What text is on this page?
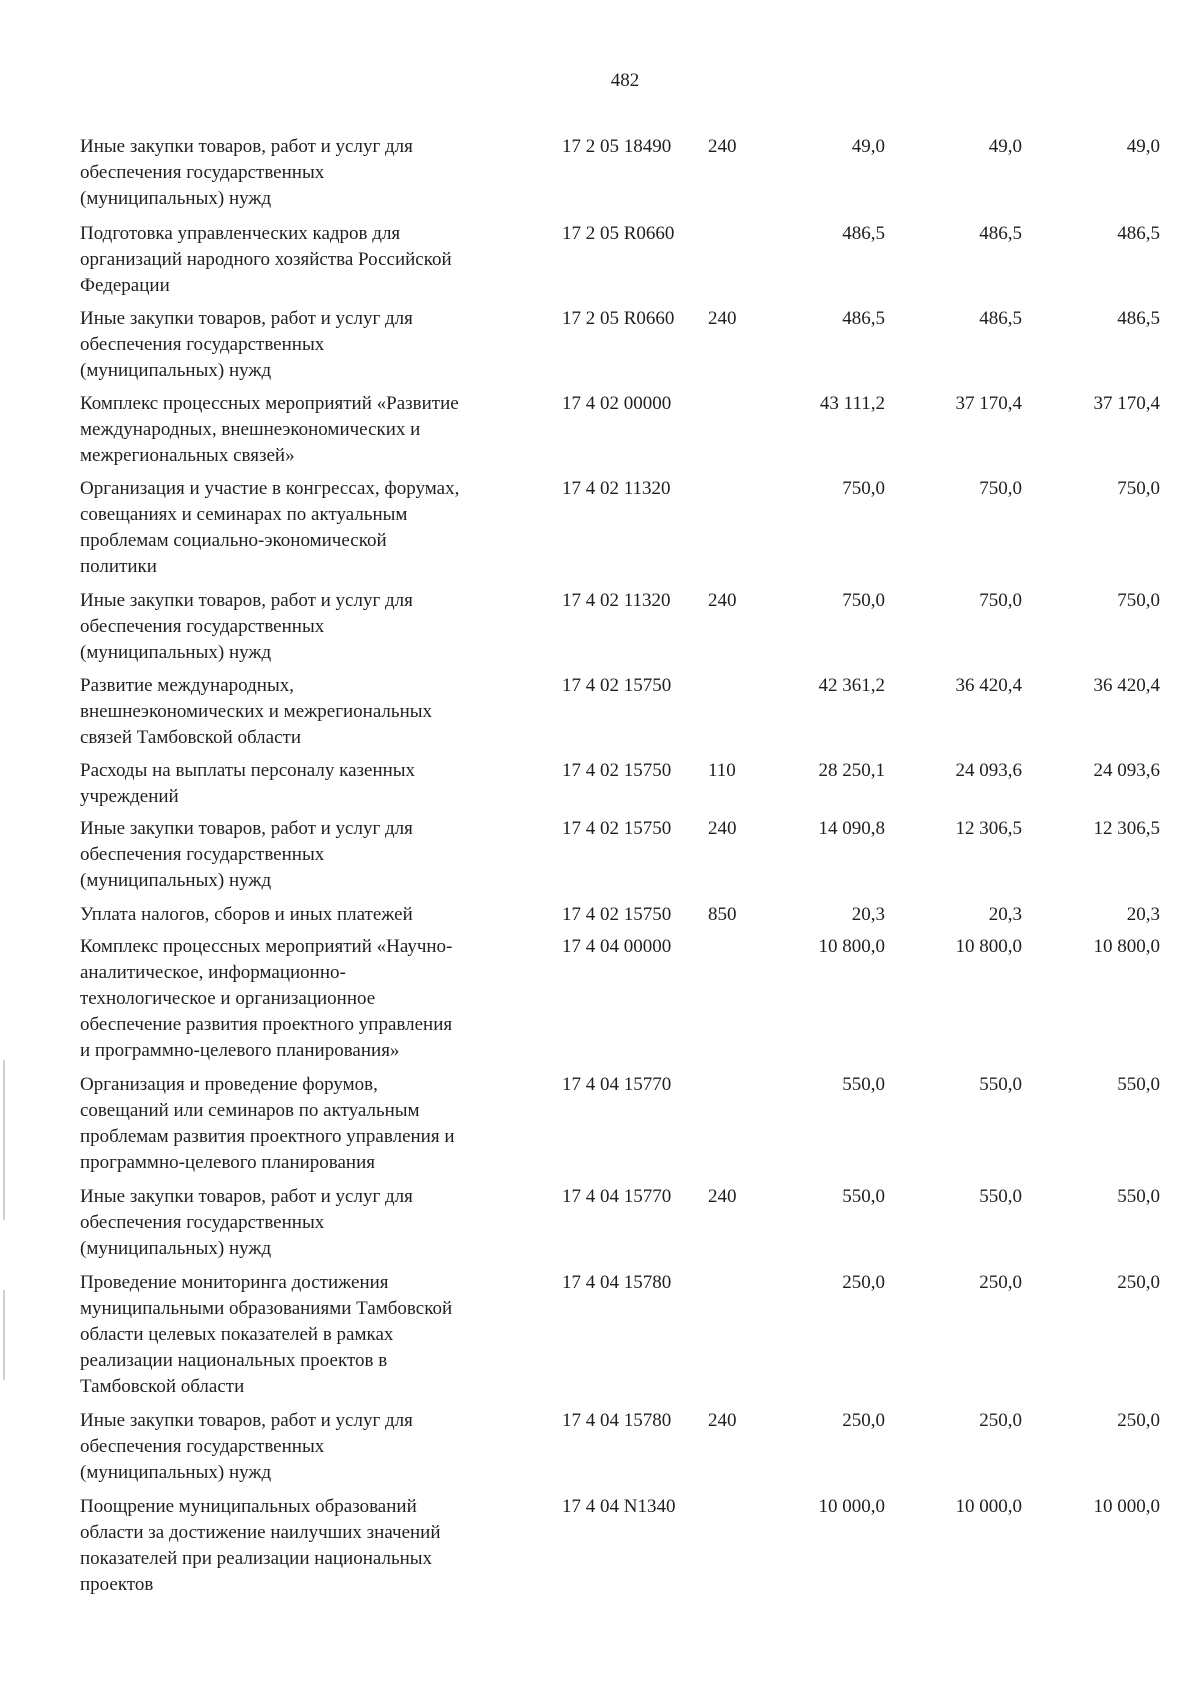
482
Иные закупки товаров, работ и услуг для
обеспечения государственных
(муниципальных) нужд
17 2 05 18490 240	49,0	49,0	49,0
Подготовка управленческих кадров для
организаций народного хозяйства Российской
Федерации
17 2 05 R0660	486,5	486,5	486,5
Иные закупки товаров, работ и услуг для
обеспечения государственных
(муниципальных) нужд
17 2 05 R0660 240	486,5	486,5	486,5
Комплекс процессных мероприятий «Развитие
международных, внешнеэкономических и
межрегиональных связей»
17 4 02 00000	43 111,2	37 170,4	37 170,4
Организация и участие в конгрессах, форумах,
совещаниях и семинарах по актуальным
проблемам социально-экономической
политики
17 4 02 11320	750,0	750,0	750,0
Иные закупки товаров, работ и услуг для
обеспечения государственных
(муниципальных) нужд
17 4 02 11320 240	750,0	750,0	750,0
Развитие международных,
внешнеэкономических и межрегиональных
связей Тамбовской области
17 4 02 15750	42 361,2	36 420,4	36 420,4
Расходы на выплаты персоналу казенных
учреждений
17 4 02 15750 110	28 250,1	24 093,6	24 093,6
Иные закупки товаров, работ и услуг для
обеспечения государственных
(муниципальных) нужд
17 4 02 15750 240	14 090,8	12 306,5	12 306,5
Уплата налогов, сборов и иных платежей	17 4 02 15750 850	20,3	20,3	20,3
Комплекс процессных мероприятий «Научно-
аналитическое, информационно-
технологическое и организационное
обеспечение развития проектного управления
и программно-целевого планирования»
17 4 04 00000	10 800,0	10 800,0	10 800,0
Организация и проведение форумов,
совещаний или семинаров по актуальным
проблемам развития проектного управления и
программно-целевого планирования
17 4 04 15770	550,0	550,0	550,0
Иные закупки товаров, работ и услуг для
обеспечения государственных
(муниципальных) нужд
17 4 04 15770 240	550,0	550,0	550,0
Проведение мониторинга достижения
муниципальными образованиями Тамбовской
области целевых показателей в рамках
реализации национальных проектов в
Тамбовской области
17 4 04 15780	250,0	250,0	250,0
Иные закупки товаров, работ и услуг для
обеспечения государственных
(муниципальных) нужд
17 4 04 15780 240	250,0	250,0	250,0
Поощрение муниципальных образований
области за достижение наилучших значений
показателей при реализации национальных
проектов
17 4 04 N1340	10 000,0	10 000,0	10 000,0
